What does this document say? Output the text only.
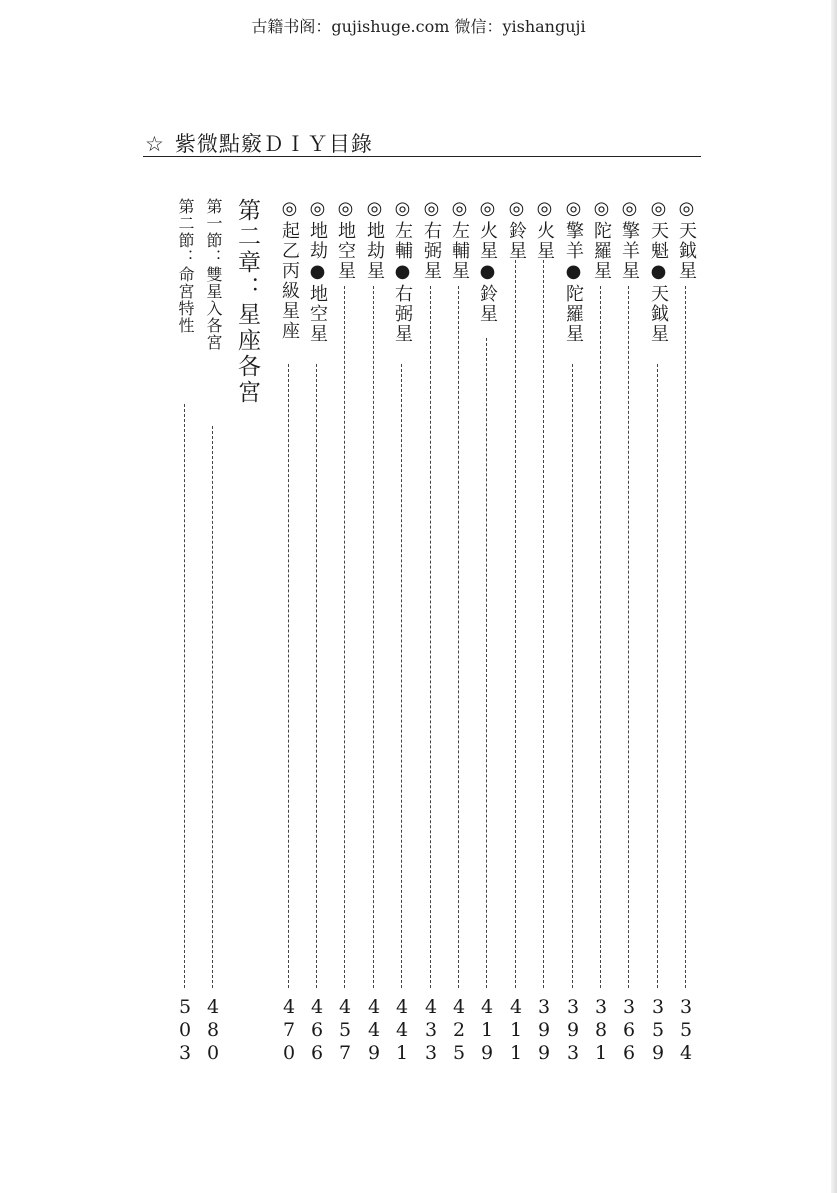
古籍书阁：gujishuge.com 微信：yishanguji
☆ 紫微點竅ＤＩＹ目錄
◎天鉞星
354
◎天魁●天鉞星
359
◎擎羊星
366
◎陀羅星
381
◎擎羊●陀羅星
393
◎火星
399
◎鈴星
411
◎火星●鈴星
419
◎左輔星
425
◎右弼星
433
◎左輔●右弼星
441
◎地劫星
449
◎地空星
457
◎地劫●地空星
466
◎起乙丙級星座
470
第二章：星座各宮
第一節：雙星入各宮
480
第二節：命宮特性
503
